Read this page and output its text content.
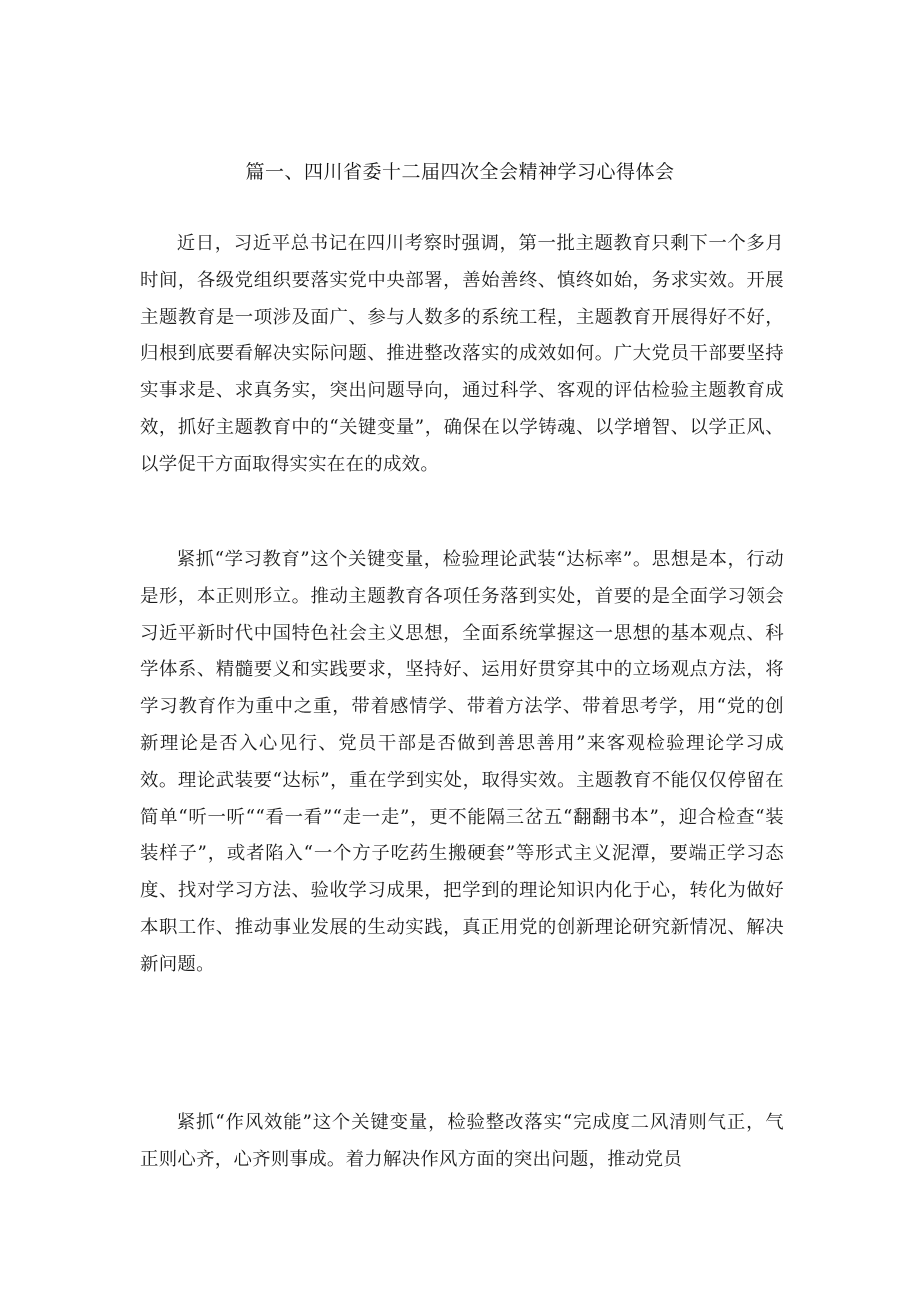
篇一、四川省委十二届四次全会精神学习心得体会

近日，习近平总书记在四川考察时强调，第一批主题教育只剩下一个多月时间，各级党组织要落实党中央部署，善始善终、慎终如始，务求实效。开展主题教育是一项涉及面广、参与人数多的系统工程，主题教育开展得好不好，归根到底要看解决实际问题、推进整改落实的成效如何。广大党员干部要坚持实事求是、求真务实，突出问题导向，通过科学、客观的评估检验主题教育成效，抓好主题教育中的“关键变量”，确保在以学铸魂、以学增智、以学正风、以学促干方面取得实实在在的成效。

紧抓“学习教育”这个关键变量，检验理论武装“达标率”。思想是本，行动是形，本正则形立。推动主题教育各项任务落到实处，首要的是全面学习领会习近平新时代中国特色社会主义思想，全面系统掌握这一思想的基本观点、科学体系、精髓要义和实践要求，坚持好、运用好贯穿其中的立场观点方法，将学习教育作为重中之重，带着感情学、带着方法学、带着思考学，用“党的创新理论是否入心见行、党员干部是否做到善思善用”来客观检验理论学习成效。理论武装要“达标”，重在学到实处，取得实效。主题教育不能仅仅停留在简单“听一听““看一看”“走一走”，更不能隔三岔五“翻翻书本”，迎合检查“装装样子”，或者陷入“一个方子吃药生搬硬套”等形式主义泥潭，要端正学习态度、找对学习方法、验收学习成果，把学到的理论知识内化于心，转化为做好本职工作、推动事业发展的生动实践，真正用党的创新理论研究新情况、解决新问题。

紧抓“作风效能”这个关键变量，检验整改落实“完成度二风清则气正，气正则心齐，心齐则事成。着力解决作风方面的突出问题，推动党员
